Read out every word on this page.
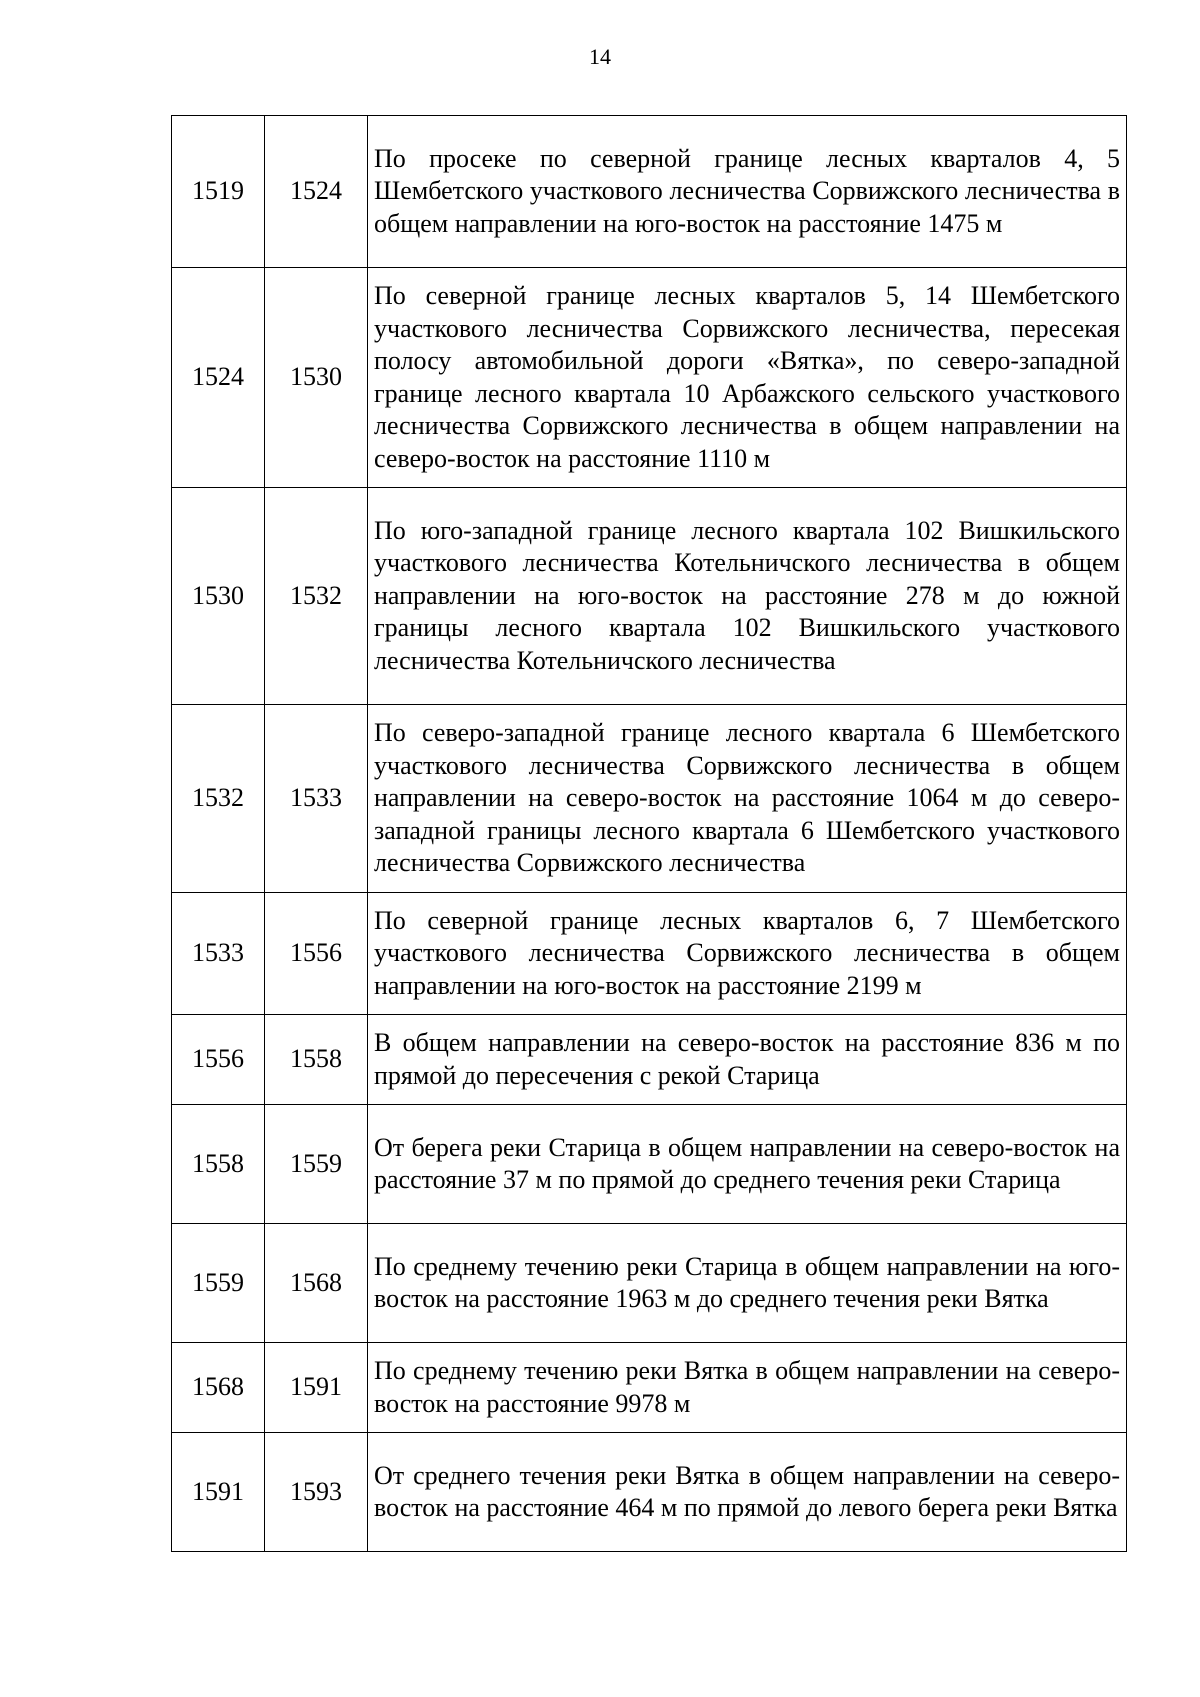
14
1519	1524	По просеке по северной границе лесных кварталов 4, 5 Шембетского участкового лесничества Сорвижского лесничества в общем направлении на юго-восток на расстояние 1475 м
1524	1530	По северной границе лесных кварталов 5, 14 Шембетского участкового лесничества Сорвижского лесничества, пересекая полосу автомобильной дороги «Вятка», по северо-западной границе лесного квартала 10 Арбажского сельского участкового лесничества Сорвижского лесничества в общем направлении на северо-восток на расстояние 1110 м
1530	1532	По юго-западной границе лесного квартала 102 Вишкильского участкового лесничества Котельничского лесничества в общем направлении на юго-восток на расстояние 278 м до южной границы лесного квартала 102 Вишкильского участкового лесничества Котельничского лесничества
1532	1533	По северо-западной границе лесного квартала 6 Шембетского участкового лесничества Сорвижского лесничества в общем направлении на северо-восток на расстояние 1064 м до северо-западной границы лесного квартала 6 Шембетского участкового лесничества Сорвижского лесничества
1533	1556	По северной границе лесных кварталов 6, 7 Шембетского участкового лесничества Сорвижского лесничества в общем направлении на юго-восток на расстояние 2199 м
1556	1558	В общем направлении на северо-восток на расстояние 836 м по прямой до пересечения с рекой Старица
1558	1559	От берега реки Старица в общем направлении на северо-восток на расстояние 37 м по прямой до среднего течения реки Старица
1559	1568	По среднему течению реки Старица в общем направлении на юго-восток на расстояние 1963 м до среднего течения реки Вятка
1568	1591	По среднему течению реки Вятка в общем направлении на северо-восток на расстояние 9978 м
1591	1593	От среднего течения реки Вятка в общем направлении на северо-восток на расстояние 464 м по прямой до левого берега реки Вятка
